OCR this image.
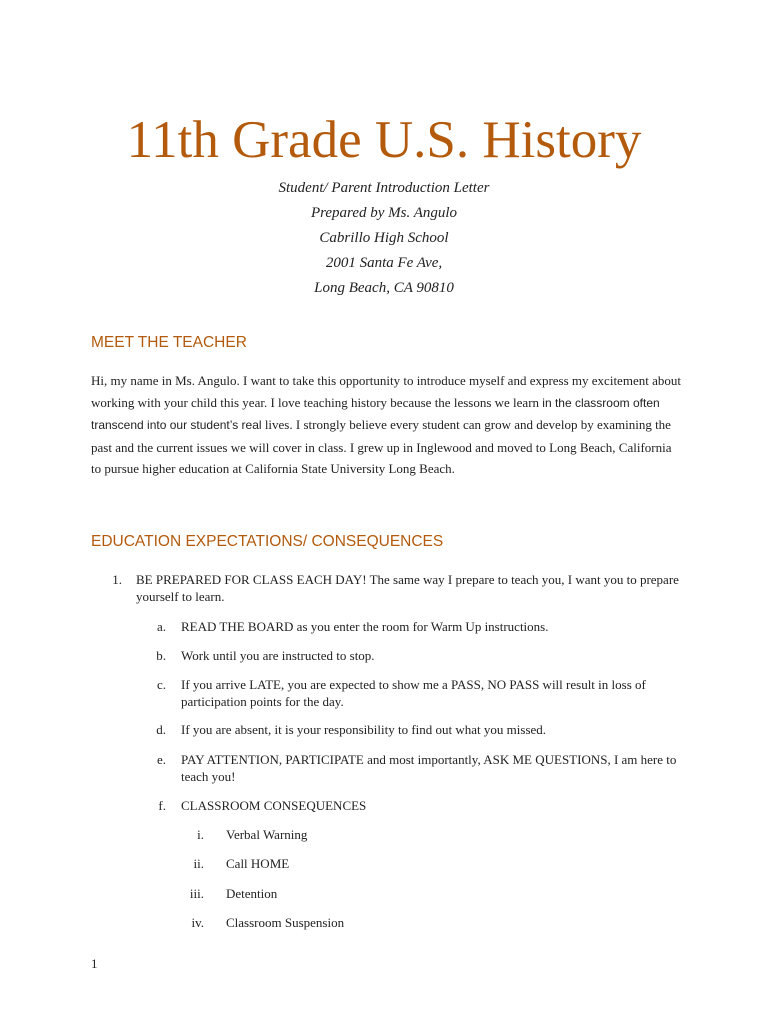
11th Grade U.S. History
Student/ Parent Introduction Letter
Prepared by Ms. Angulo
Cabrillo High School
2001 Santa Fe Ave,
Long Beach, CA 90810
MEET THE TEACHER
Hi, my name in Ms. Angulo. I want to take this opportunity to introduce myself and express my excitement about working with your child this year. I love teaching history because the lessons we learn in the classroom often transcend into our student’s real lives. I strongly believe every student can grow and develop by examining the past and the current issues we will cover in class. I grew up in Inglewood and moved to Long Beach, California to pursue higher education at California State University Long Beach.
EDUCATION EXPECTATIONS/ CONSEQUENCES
1. BE PREPARED FOR CLASS EACH DAY! The same way I prepare to teach you, I want you to prepare yourself to learn.
a. READ THE BOARD as you enter the room for Warm Up instructions.
b. Work until you are instructed to stop.
c. If you arrive LATE, you are expected to show me a PASS, NO PASS will result in loss of participation points for the day.
d. If you are absent, it is your responsibility to find out what you missed.
e. PAY ATTENTION, PARTICIPATE and most importantly, ASK ME QUESTIONS, I am here to teach you!
f. CLASSROOM CONSEQUENCES
i. Verbal Warning
ii. Call HOME
iii. Detention
iv. Classroom Suspension
1
